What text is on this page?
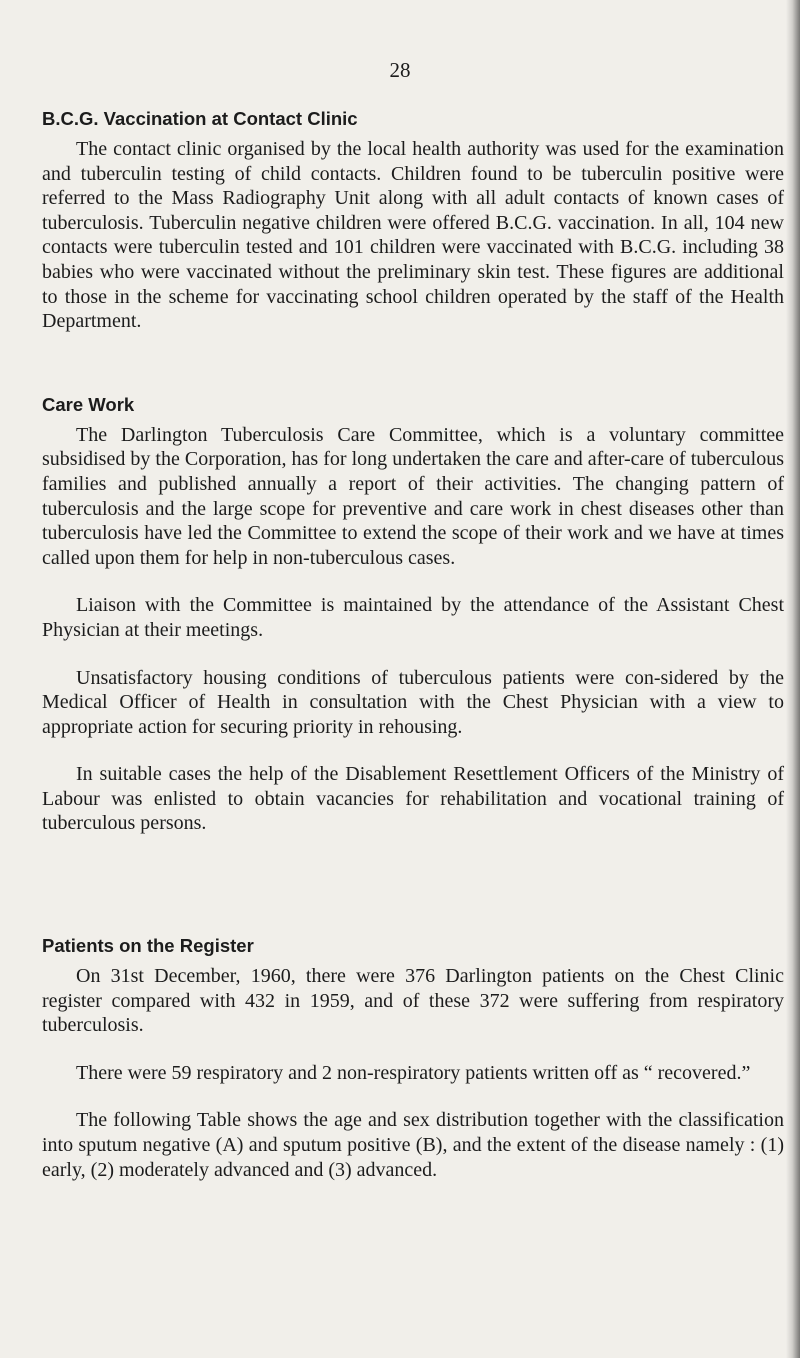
28
B.C.G. Vaccination at Contact Clinic

The contact clinic organised by the local health authority was used for the examination and tuberculin testing of child contacts. Children found to be tuberculin positive were referred to the Mass Radiography Unit along with all adult contacts of known cases of tuberculosis. Tuberculin negative children were offered B.C.G. vaccination. In all, 104 new contacts were tuberculin tested and 101 children were vaccinated with B.C.G. including 38 babies who were vaccinated without the preliminary skin test. These figures are additional to those in the scheme for vaccinating school children operated by the staff of the Health Department.

Care Work

The Darlington Tuberculosis Care Committee, which is a voluntary committee subsidised by the Corporation, has for long undertaken the care and after-care of tuberculous families and published annually a report of their activities. The changing pattern of tuberculosis and the large scope for preventive and care work in chest diseases other than tuberculosis have led the Committee to extend the scope of their work and we have at times called upon them for help in non-tuberculous cases.

Liaison with the Committee is maintained by the attendance of the Assistant Chest Physician at their meetings.

Unsatisfactory housing conditions of tuberculous patients were con-sidered by the Medical Officer of Health in consultation with the Chest Physician with a view to appropriate action for securing priority in rehousing.

In suitable cases the help of the Disablement Resettlement Officers of the Ministry of Labour was enlisted to obtain vacancies for rehabilitation and vocational training of tuberculous persons.

Patients on the Register

On 31st December, 1960, there were 376 Darlington patients on the Chest Clinic register compared with 432 in 1959, and of these 372 were suffering from respiratory tuberculosis.

There were 59 respiratory and 2 non-respiratory patients written off as “ recovered.”

The following Table shows the age and sex distribution together with the classification into sputum negative (A) and sputum positive (B), and the extent of the disease namely : (1) early, (2) moderately advanced and (3) advanced.
